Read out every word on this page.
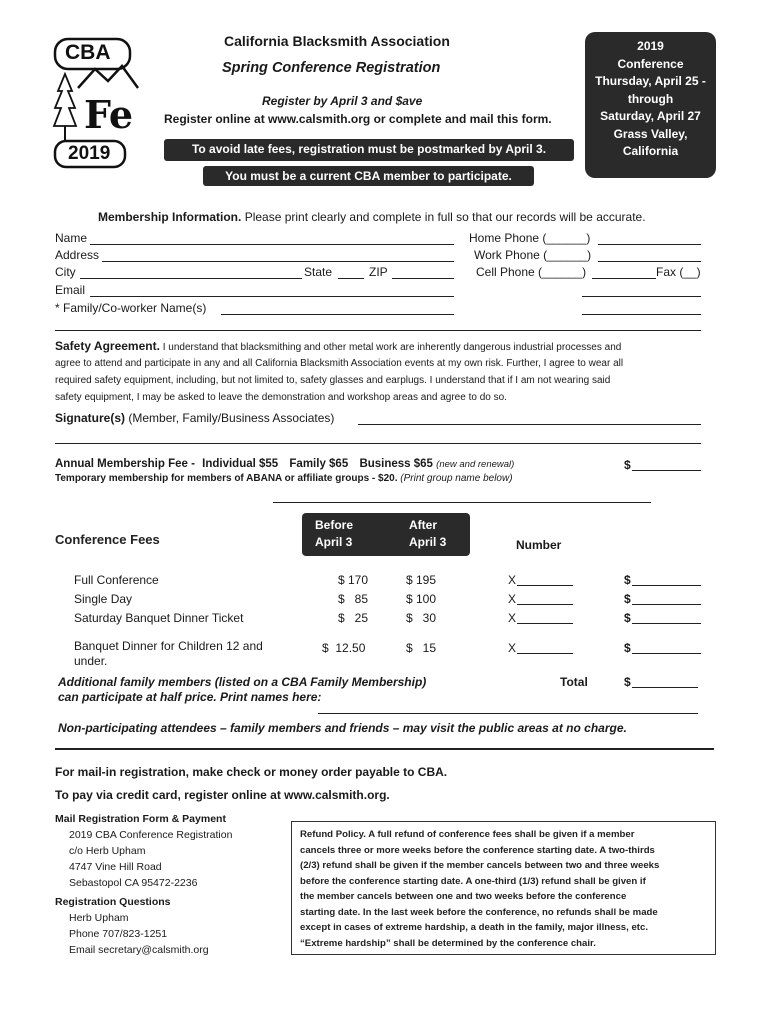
CBA
Fe
2019
California Blacksmith Association
Spring Conference Registration
Register by April 3 and $ave
Register online at www.calsmith.org or complete and mail this form.
To avoid late fees, registration must be postmarked by April 3.
You must be a current CBA member to participate.
2019
Conference
Thursday, April 25 -
through
Saturday, April 27
Grass Valley,
California
Membership Information. Please print clearly and complete in full so that our records will be accurate.
Name
Address
City	State	ZIP
Email
* Family/Co-worker Name(s)
Home Phone (______)
Work Phone (______)
Cell Phone (______)	Fax (__)
Safety Agreement. I understand that blacksmithing and other metal work are inherently dangerous industrial processes and
agree to attend and participate in any and all California Blacksmith Association events at my own risk. Further, I agree to wear all
required safety equipment, including, but not limited to, safety glasses and earplugs. I understand that if I am not wearing said
safety equipment, I may be asked to leave the demonstration and workshop areas and agree to do so.
Signature(s) (Member, Family/Business Associates)
Annual Membership Fee - Individual $55 Family $65 Business $65 (new and renewal)	$
Temporary membership for members of ABANA or affiliate groups - $20. (Print group name below)
Conference Fees
Before
April 3
After
April 3	Number
Full Conference	$ 170	$ 195	X	$
Single Day	$   85	$ 100	X	$
Saturday Banquet Dinner Ticket	$   25	$   30	X	$
Banquet Dinner for Children 12 and
under.
$  12.50	$   15	X	$
Additional family members (listed on a CBA Family Membership)
can participate at half price. Print names here:
Total	$
Non-participating attendees – family members and friends – may visit the public areas at no charge.
For mail-in registration, make check or money order payable to CBA.
To pay via credit card, register online at www.calsmith.org.
Mail Registration Form & Payment
2019 CBA Conference Registration
c/o Herb Upham
4747 Vine Hill Road
Sebastopol CA 95472-2236
Registration Questions
Herb Upham
Phone 707/823-1251
Email secretary@calsmith.org
Refund Policy. A full refund of conference fees shall be given if a member
cancels three or more weeks before the conference starting date. A two-thirds
(2/3) refund shall be given if the member cancels between two and three weeks
before the conference starting date. A one-third (1/3) refund shall be given if
the member cancels between one and two weeks before the conference
starting date. In the last week before the conference, no refunds shall be made
except in cases of extreme hardship, a death in the family, major illness, etc.
“Extreme hardship” shall be determined by the conference chair.
